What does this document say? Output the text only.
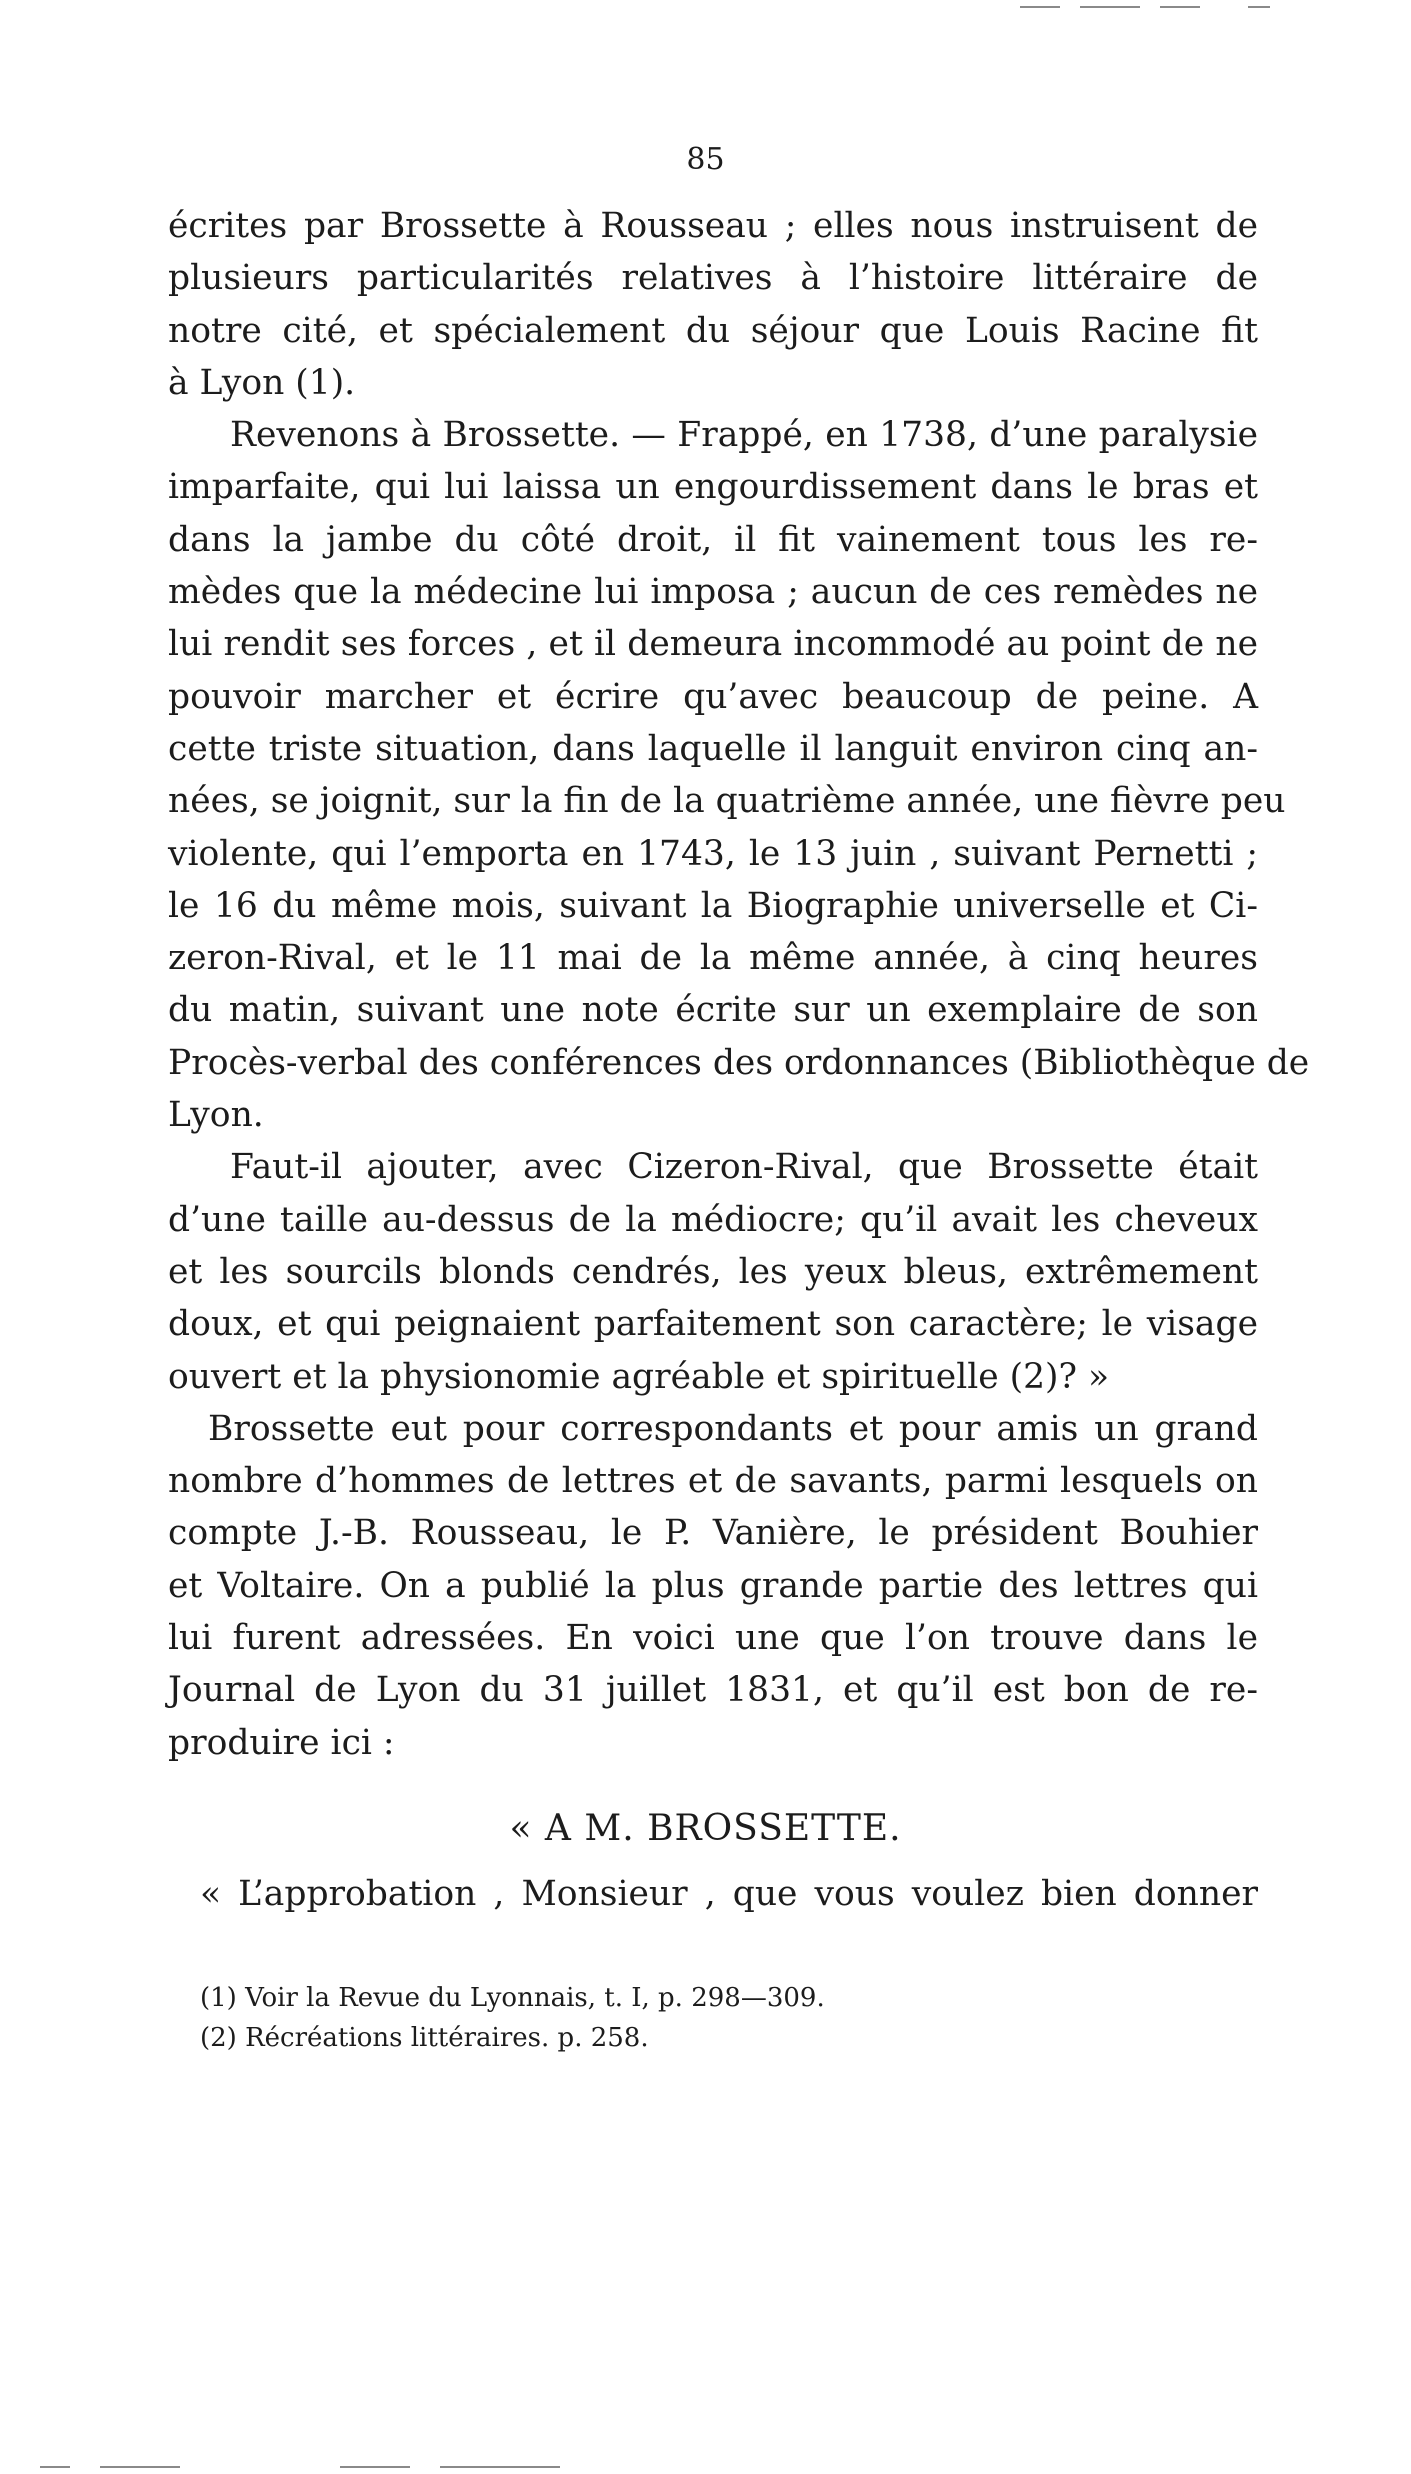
85
écrites par Brossette à Rousseau ; elles nous instruisent de
plusieurs particularités relatives à l’histoire littéraire de
notre cité, et spécialement du séjour que Louis Racine fit
à Lyon (1).
Revenons à Brossette. — Frappé, en 1738, d’une paralysie
imparfaite, qui lui laissa un engourdissement dans le bras et
dans la jambe du côté droit, il fit vainement tous les re-
mèdes que la médecine lui imposa ; aucun de ces remèdes ne
lui rendit ses forces , et il demeura incommodé au point de ne
pouvoir marcher et écrire qu’avec beaucoup de peine. A
cette triste situation, dans laquelle il languit environ cinq an-
nées, se joignit, sur la fin de la quatrième année, une fièvre peu
violente, qui l’emporta en 1743, le 13 juin , suivant Pernetti ;
le 16 du même mois, suivant la Biographie universelle et Ci-
zeron-Rival, et le 11 mai de la même année, à cinq heures
du matin, suivant une note écrite sur un exemplaire de son
Procès-verbal des conférences des ordonnances (Bibliothèque de
Lyon.
Faut-il ajouter, avec Cizeron-Rival, que Brossette était
d’une taille au-dessus de la médiocre; qu’il avait les cheveux
et les sourcils blonds cendrés, les yeux bleus, extrêmement
doux, et qui peignaient parfaitement son caractère; le visage
ouvert et la physionomie agréable et spirituelle (2)? »
Brossette eut pour correspondants et pour amis un grand
nombre d’hommes de lettres et de savants, parmi lesquels on
compte J.-B. Rousseau, le P. Vanière, le président Bouhier
et Voltaire. On a publié la plus grande partie des lettres qui
lui furent adressées. En voici une que l’on trouve dans le
Journal de Lyon du 31 juillet 1831, et qu’il est bon de re-
produire ici :
« A M. BROSSETTE.
« L’approbation , Monsieur , que vous voulez bien donner
(1) Voir la Revue du Lyonnais, t. I, p. 298—309.
(2) Récréations littéraires. p. 258.
